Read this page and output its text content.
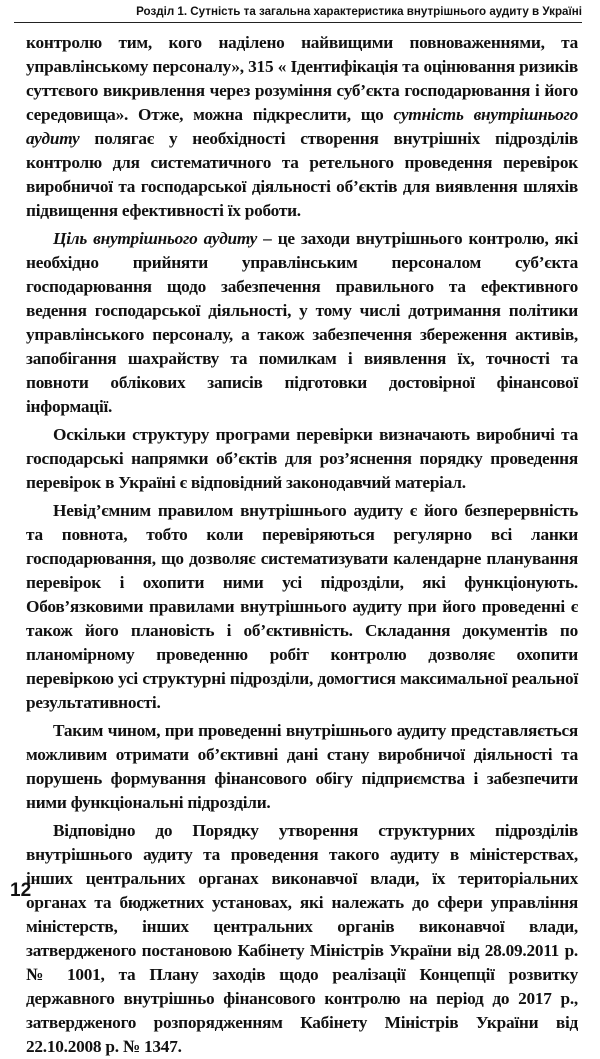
Розділ 1. Сутність та загальна характеристика внутрішнього аудиту в Україні

контролю тим, кого наділено найвищими повноваженнями, та управлінському персоналу», 315 « Ідентифікація та оцінювання ризиків суттєвого викривлення через розуміння суб’єкта господарювання і його середовища». Отже, можна підкреслити, що сутність внутрішнього аудиту полягає у необхідності створення внутрішніх підрозділів контролю для систематичного та ретельного проведення перевірок виробничої та господарської діяльності об’єктів для виявлення шляхів підвищення ефективності їх роботи.

Ціль внутрішнього аудиту – це заходи внутрішнього контролю, які необхідно прийняти управлінським персоналом суб’єкта господарювання щодо забезпечення правильного та ефективного ведення господарської діяльності, у тому числі дотримання політики управлінського персоналу, а також забезпечення збереження активів, запобігання шахрайству та помилкам і виявлення їх, точності та повноти облікових записів підготовки достовірної фінансової інформації.

Оскільки структуру програми перевірки визначають виробничі та господарські напрямки об’єктів для роз’яснення порядку проведення перевірок в Україні є відповідний законодавчий матеріал.

Невід’ємним правилом внутрішнього аудиту є його безперервність та повнота, тобто коли перевіряються регулярно всі ланки господарювання, що дозволяє систематизувати календарне планування перевірок і охопити ними усі підрозділи, які функціонують. Обов’язковими правилами внутрішнього аудиту при його проведенні є також його плановість і об’єктивність. Складання документів по планомірному проведенню робіт контролю дозволяє охопити перевіркою усі структурні підрозділи, домогтися максимальної реальної результативності.

Таким чином, при проведенні внутрішнього аудиту представляється можливим отримати об’єктивні дані стану виробничої діяльності та порушень формування фінансового обігу підприємства і забезпечити ними функціональні підрозділи.

Відповідно до Порядку утворення структурних підрозділів внутрішнього аудиту та проведення такого аудиту в міністерствах, інших центральних органах виконавчої влади, їх територіальних органах та бюджетних установах, які належать до сфери управління міністерств, інших центральних органів виконавчої влади, затвердженого постановою Кабінету Міністрів України від 28.09.2011 р. № 1001, та Плану заходів щодо реалізації Концепції розвитку державного внутрішньо фінансового контролю на період до 2017 р., затвердженого розпорядженням Кабінету Міністрів України від 22.10.2008 р. № 1347.

12
